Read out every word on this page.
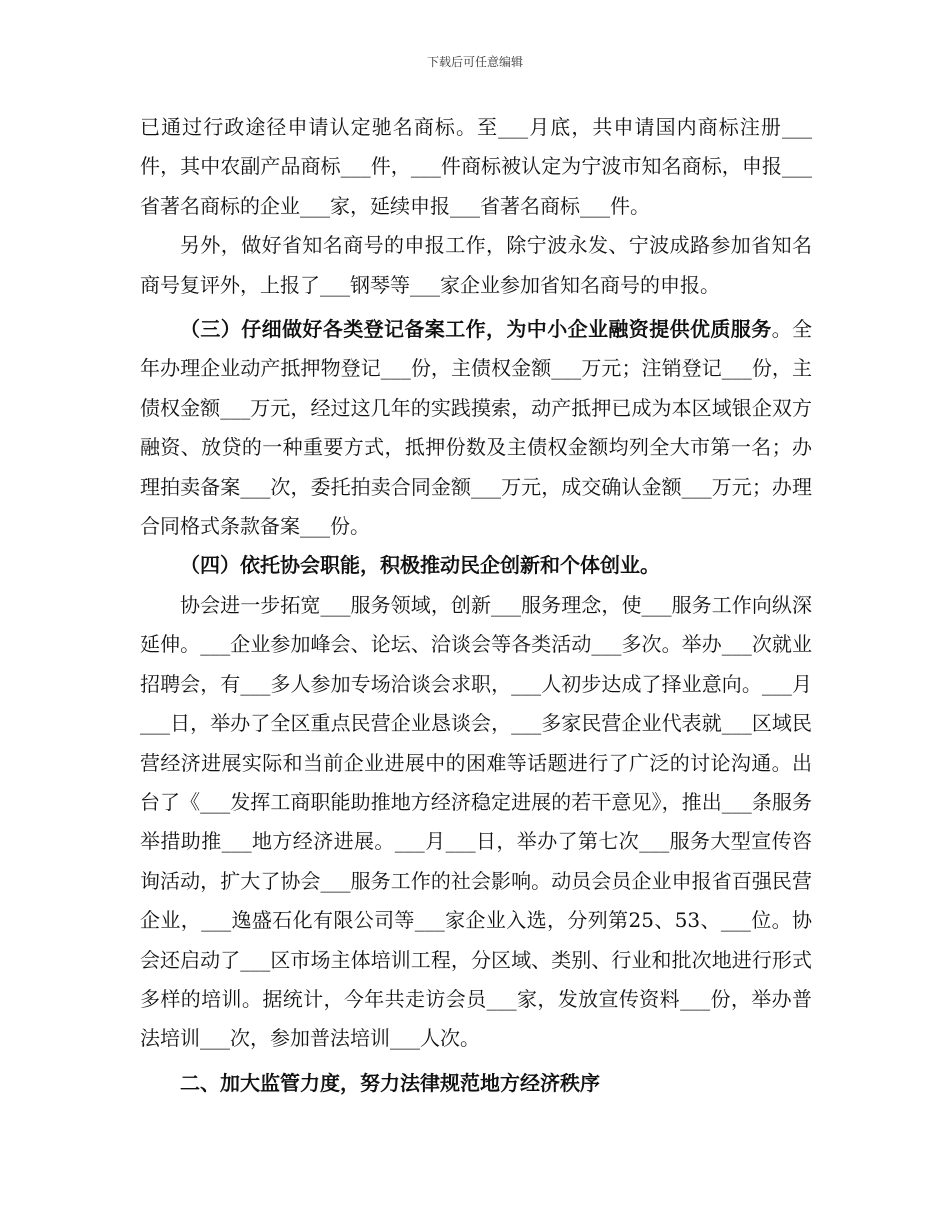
下载后可任意编辑

已通过行政途径申请认定驰名商标。至___月底，共申请国内商标注册___件，其中农副产品商标___件，___件商标被认定为宁波市知名商标，申报___省著名商标的企业___家，延续申报___省著名商标___件。

另外，做好省知名商号的申报工作，除宁波永发、宁波成路参加省知名商号复评外，上报了___钢琴等___家企业参加省知名商号的申报。

（三）仔细做好各类登记备案工作，为中小企业融资提供优质服务。全年办理企业动产抵押物登记___份，主债权金额___万元；注销登记___份，主债权金额___万元，经过这几年的实践摸索，动产抵押已成为本区域银企双方融资、放贷的一种重要方式，抵押份数及主债权金额均列全大市第一名；办理拍卖备案___次，委托拍卖合同金额___万元，成交确认金额___万元；办理合同格式条款备案___份。

（四）依托协会职能，积极推动民企创新和个体创业。

协会进一步拓宽___服务领域，创新___服务理念，使___服务工作向纵深延伸。___企业参加峰会、论坛、洽谈会等各类活动___多次。举办___次就业招聘会，有___多人参加专场洽谈会求职，___人初步达成了择业意向。___月___日，举办了全区重点民营企业恳谈会，___多家民营企业代表就___区域民营经济进展实际和当前企业进展中的困难等话题进行了广泛的讨论沟通。出台了《___发挥工商职能助推地方经济稳定进展的若干意见》，推出___条服务举措助推___地方经济进展。___月___日，举办了第七次___服务大型宣传咨询活动，扩大了协会___服务工作的社会影响。动员会员企业申报省百强民营企业，___逸盛石化有限公司等___家企业入选，分列第25、53、___位。协会还启动了___区市场主体培训工程，分区域、类别、行业和批次地进行形式多样的培训。据统计，今年共走访会员___家，发放宣传资料___份，举办普法培训___次，参加普法培训___人次。

二、加大监管力度，努力法律规范地方经济秩序
